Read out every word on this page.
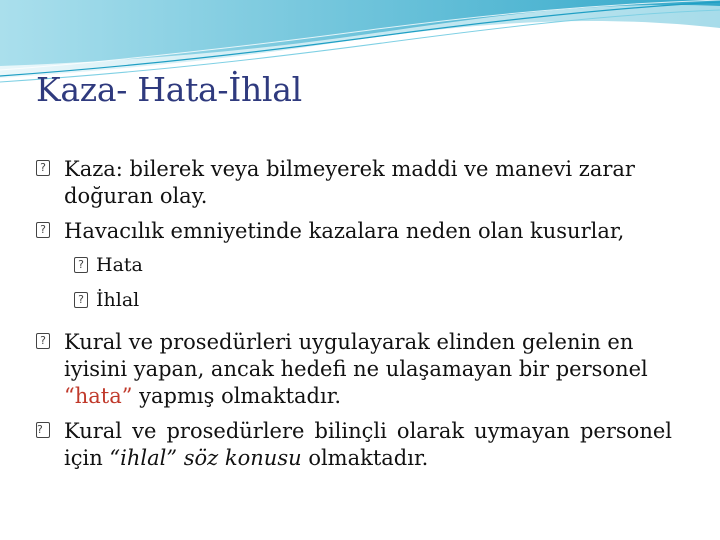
Kaza- Hata-İhlal
? Kaza: bilerek veya bilmeyerek maddi ve manevi zarar doğuran olay.
? Havacılık emniyetinde kazalara neden olan kusurlar,
? Hata
? İhlal
? Kural ve prosedürleri uygulayarak elinden gelenin en iyisini yapan, ancak hedefi ne ulaşamayan bir personel “hata” yapmış olmaktadır.
?	Kural ve prosedürlere bilinçli olarak uymayan personel için “ihlal” söz konusu olmaktadır.
